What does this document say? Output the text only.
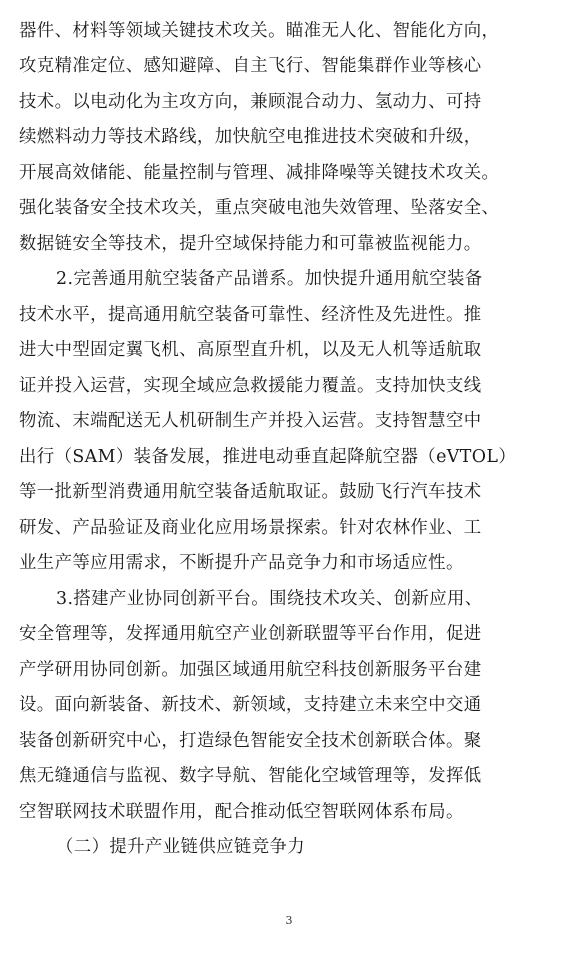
器件、材料等领域关键技术攻关。瞄准无人化、智能化方向，
攻克精准定位、感知避障、自主飞行、智能集群作业等核心
技术。以电动化为主攻方向，兼顾混合动力、氢动力、可持
续燃料动力等技术路线，加快航空电推进技术突破和升级，
开展高效储能、能量控制与管理、减排降噪等关键技术攻关。
强化装备安全技术攻关，重点突破电池失效管理、坠落安全、
数据链安全等技术，提升空域保持能力和可靠被监视能力。
2.完善通用航空装备产品谱系。加快提升通用航空装备
技术水平，提高通用航空装备可靠性、经济性及先进性。推
进大中型固定翼飞机、高原型直升机，以及无人机等适航取
证并投入运营，实现全域应急救援能力覆盖。支持加快支线
物流、末端配送无人机研制生产并投入运营。支持智慧空中
出行（SAM）装备发展，推进电动垂直起降航空器（eVTOL）
等一批新型消费通用航空装备适航取证。鼓励飞行汽车技术
研发、产品验证及商业化应用场景探索。针对农林作业、工
业生产等应用需求，不断提升产品竞争力和市场适应性。
3.搭建产业协同创新平台。围绕技术攻关、创新应用、
安全管理等，发挥通用航空产业创新联盟等平台作用，促进
产学研用协同创新。加强区域通用航空科技创新服务平台建
设。面向新装备、新技术、新领域，支持建立未来空中交通
装备创新研究中心，打造绿色智能安全技术创新联合体。聚
焦无缝通信与监视、数字导航、智能化空域管理等，发挥低
空智联网技术联盟作用，配合推动低空智联网体系布局。
（二）提升产业链供应链竞争力
3
